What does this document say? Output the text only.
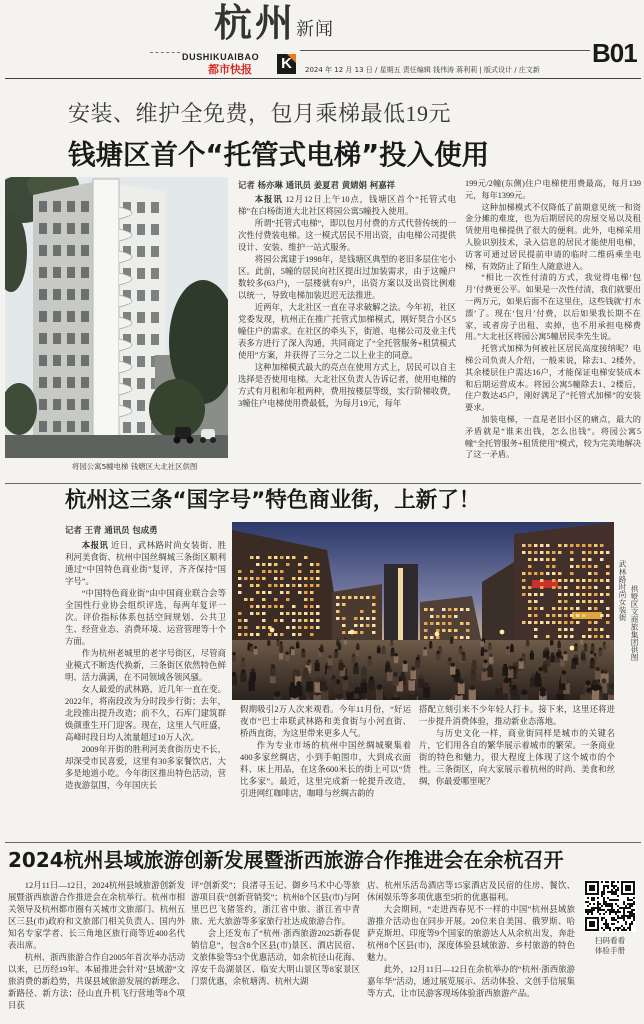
杭州 新闻
DUSHIKUAIBAO
都市快报 K	2024 年 12 月 13 日 / 星期五 责任编辑 钱伟涛 蒋利莉 | 版式设计 / 庄文新
B01
安装、维护全免费，包月乘梯最低19元
钱塘区首个“托管式电梯”投入使用
将园公寓5幢电梯 钱塘区大北社区供图
记者 杨亦琳 通讯员 姜夏君 黄婧娟 柯嘉祥

本报讯 12月12日上午10点，钱塘区首个“托管式电梯”在白杨街道大北社区将园公寓5幢投入使用。

所谓“托管式电梯”，即以包月付费的方式代替传统的一次性付费装电梯。这一模式居民不用出资，由电梯公司提供设计、安装、维护一站式服务。

将园公寓建于1998年，是钱塘区典型的老旧多层住宅小区。此前，5幢的居民向社区提出过加装需求，由于这幢户数较多(63户)，一层楼就有9户，出资方案以及出资比例难以统一，导致电梯加装迟迟无法推进。

近两年，大北社区一直在寻求破解之法。今年初，社区党委发现，杭州正在推广托管式加梯模式，刚好契合小区5幢住户的需求。在社区的牵头下，街道、电梯公司及业主代表多方进行了深入沟通，共同商定了“全托管服务+租赁模式使用”方案，并获得了三分之二以上业主的同意。

这种加梯模式最大的亮点在使用方式上，居民可以自主选择是否使用电梯。大北社区负责人告诉记者，使用电梯的方式有月租和年租两种，费用按楼层等级，实行阶梯收费，3幢住户电梯使用费最低，为每月19元，每年

199元/2幢(东侧)住户电梯使用费最高，每月139元，每年1399元。

这种加梯模式不仅降低了前期意见统一和资金分摊的难度，也为后期居民的房屋交易以及租赁使用电梯提供了很大的便利。此外，电梯采用人脸识别技术，录入信息的居民才能使用电梯，访客可通过居民提前申请的临时二维码乘坐电梯，有效防止了陌生人随意进入。

“相比一次性付清的方式，我觉得电梯‘包月’付费更公平。如果是一次性付清，我们就要出一两万元，如果后面不在这里住，这些钱就‘打水漂’了。现在‘包月’付费，以后如果我长期不在家，或者房子出租、卖掉，也不用承担电梯费用。”大北社区将园公寓5幢居民李先生说。

托管式加梯为何被社区居民高度接纳呢？电梯公司负责人介绍，一般来说，除去1、2楼外，其余楼层住户需达16户，才能保证电梯安装成本和后期运营成本。将园公寓5幢除去1、2楼后，住户数达45户，刚好满足了“托管式加梯”的安装要求。

加装电梯，一直是老旧小区的痛点，最大的矛盾就是“谁来出钱，怎么出钱”。将园公寓5幢“全托管服务+租赁使用”模式，较为完美地解决了这一矛盾。

杭州这三条“国字号”特色商业街，上新了！
记者 王青 通讯员 包成勇

本报讯 近日，武林路时尚女装街、胜利河美食街、杭州中国丝绸城三条街区顺利通过“中国特色商业街”复评，齐齐保持“国字号”。

“中国特色商业街”由中国商业联合会等全国性行业协会组织评选，每两年复评一次。评价指标体系包括空间规划、公共卫生、经营业态、消费环境、运营管理等十个方面。

作为杭州老城里的老字号街区，尽管商业模式不断迭代换新，三条街区依然特色鲜明、活力满满，在不同领域各领风骚。

女人最爱的武林路，近几年一直在变。2022年，将南段改为分时段步行街；去年，北段推出提升改造；前不久，石库门建筑群焕颜重生开门迎客。现在，这里人气旺盛，高峰时段日均人流量超过10万人次。

2009年开街的胜利河美食街历史不长，却深受市民喜爱，这里有30多家餐饮店，大多是地道小吃。今年街区推出特色活动，营造夜游氛围，今年国庆长

武林路时尚女装街 拱墅区文商旅集团供图

假期吸引2万人次来观看。今年11月份，“好运夜市”巴士串联武林路和美食街与小河直街、桥西直街，为这里带来更多人气。

作为专业市场的杭州中国丝绸城聚集着400多家丝绸店，小到手帕围巾，大到成衣面料、床上用品，在这条600米长的街上可以“货比多家”。最近，这里完成新一轮提升改造，引进网红咖啡店，咖啡与丝绸古韵的

搭配立刻引来不少年轻人打卡。接下来，这里还将进一步提升消费体验，推动新业态落地。

与历史文化一样，商业街同样是城市的关键名片，它们用各自的繁华展示着城市的繁荣。一条商业街的特色和魅力，很大程度上体现了这个城市的个性。三条街区，向大家展示着杭州的时尚、美食和丝绸，你最爱哪里呢？

2024杭州县域旅游创新发展暨浙西旅游合作推进会在余杭召开

12月11日—12日，2024杭州县域旅游创新发展暨浙西旅游合作推进会在余杭举行。杭州市相关领导及杭州都市圈有关城市文旅部门、杭州五区三县(市)政府和文旅部门相关负责人、国内外知名专家学者、长三角地区旅行商等近400名代表出席。

杭州、浙西旅游合作自2005年首次举办活动以来，已历经19年。本届推进会针对“县域游”文旅消费的新趋势，共谋县域旅游发展的新理念、新路径、新方法；径山直升机飞行营地等8个项目获

评“创新奖”；良渚寻玉记、御乡马术中心等旅游项目获“创新营销奖”；杭州8个区县(市)与阿里巴巴飞猪签约，浙江省中旅、浙江省中青旅、光大旅游等多家旅行社达成旅游合作。

会上还发布了“杭州·浙西旅游2025新春促销信息”，包含8个区县(市)景区、酒店民宿、文旅体验等53个优惠活动，如余杭径山花海、淳安千岛湖景区、临安大明山景区等8家景区门票优惠，余杭塘湾、杭州大湖

店、杭州乐活岛酒店等15家酒店及民宿的住房、餐饮、休闲娱乐等多项优惠至5折的优惠福利。

大会期间，“走进西春见不一样的中国”杭州县域旅游推介活动也在同步开展。20位来自美国、俄罗斯、哈萨克斯坦、印度等9个国家的旅游达人从余杭出发，奔赴杭州8个区县(市)，深度体验县域旅游、乡村旅游的特色魅力。

此外，12月11日—12日在余杭举办的“杭州·浙西旅游嘉年华”活动，通过展览展示、活动体验、文创手信展集等方式，让市民游客现场体验浙西旅游产品。

扫码看看
体验手册
